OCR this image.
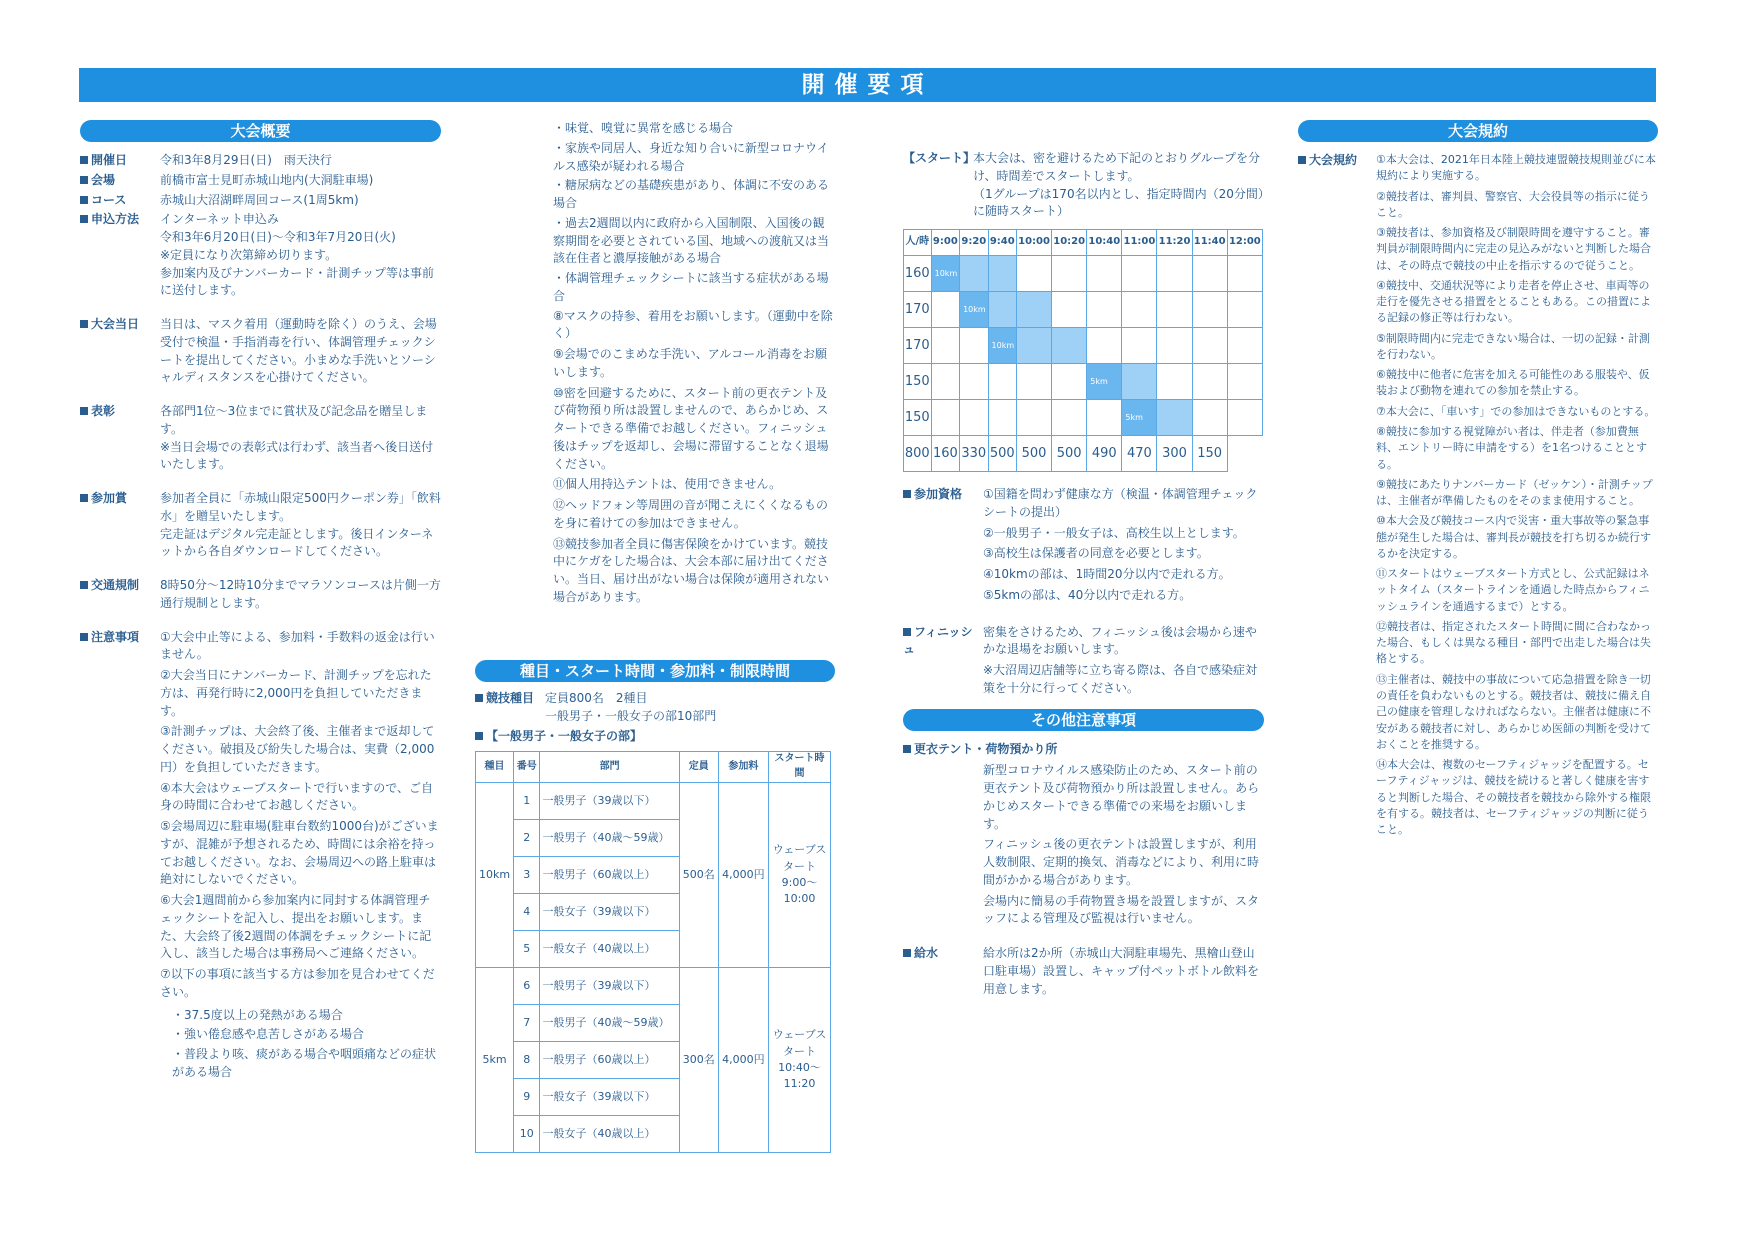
開催要項
大会概要
開催日	令和3年8月29日(日)　雨天決行
会場	前橋市富士見町赤城山地内(大洞駐車場)
コース	赤城山大沼湖畔周回コース(1周5km)
申込方法	インターネット申込み
令和3年6月20日(日)〜令和3年7月20日(火)
※定員になり次第締め切ります。
参加案内及びナンバーカード・計測チップ等は事前に送付します。
大会当日	当日は、マスク着用（運動時を除く）のうえ、会場受付で検温・手指消毒を行い、体調管理チェックシートを提出してください。小まめな手洗いとソーシャルディスタンスを心掛けてください。
表彰	各部門1位〜3位までに賞状及び記念品を贈呈します。
※当日会場での表彰式は行わず、該当者へ後日送付いたします。
参加賞	参加者全員に「赤城山限定500円クーポン券」「飲料水」を贈呈いたします。
完走証はデジタル完走証とします。後日インターネットから各自ダウンロードしてください。
交通規制	8時50分〜12時10分までマラソンコースは片側一方通行規制とします。
注意事項	①大会中止等による、参加料・手数料の返金は行いません。
②大会当日にナンバーカード、計測チップを忘れた方は、再発行時に2,000円を負担していただきます。
③計測チップは、大会終了後、主催者まで返却してください。破損及び紛失した場合は、実費（2,000円）を負担していただきます。
④本大会はウェーブスタートで行いますので、ご自身の時間に合わせてお越しください。
⑤会場周辺に駐車場(駐車台数約1000台)がございますが、混雑が予想されるため、時間には余裕を持ってお越しください。なお、会場周辺への路上駐車は絶対にしないでください。
⑥大会1週間前から参加案内に同封する体調管理チェックシートを記入し、提出をお願いします。また、大会終了後2週間の体調をチェックシートに記入し、該当した場合は事務局へご連絡ください。
⑦以下の事項に該当する方は参加を見合わせてください。
・37.5度以上の発熱がある場合
・強い倦怠感や息苦しさがある場合
・普段より咳、痰がある場合や咽頭痛などの症状がある場合
・味覚、嗅覚に異常を感じる場合
・家族や同居人、身近な知り合いに新型コロナウイルス感染が疑われる場合
・糖尿病などの基礎疾患があり、体調に不安のある場合
・過去2週間以内に政府から入国制限、入国後の観察期間を必要とされている国、地域への渡航又は当該在住者と濃厚接触がある場合
・体調管理チェックシートに該当する症状がある場合
⑧マスクの持参、着用をお願いします。（運動中を除く）
⑨会場でのこまめな手洗い、アルコール消毒をお願いします。
⑩密を回避するために、スタート前の更衣テント及び荷物預り所は設置しませんので、あらかじめ、スタートできる準備でお越しください。フィニッシュ後はチップを返却し、会場に滞留することなく退場ください。
⑪個人用持込テントは、使用できません。
⑫ヘッドフォン等周囲の音が聞こえにくくなるものを身に着けての参加はできません。
⑬競技参加者全員に傷害保険をかけています。競技中にケガをした場合は、大会本部に届け出てください。当日、届け出がない場合は保険が適用されない場合があります。
種目・スタート時間・参加料・制限時間
競技種目 定員800名　2種目
一般男子・一般女子の部10部門
【一般男子・一般女子の部】
種目	番号	部門	定員	参加料	スタート時間
10km	1	一般男子（39歳以下）	500名	4,000円	ウェーブスタート9:00〜10:00
	2	一般男子（40歳〜59歳）			
	3	一般男子（60歳以上）			
	4	一般女子（39歳以下）			
	5	一般女子（40歳以上）			
5km	6	一般男子（39歳以下）	300名	4,000円	ウェーブスタート10:40〜11:20
	7	一般男子（40歳〜59歳）			
	8	一般男子（60歳以上）			
	9	一般女子（39歳以下）			
	10	一般女子（40歳以上）			
【スタート】
本大会は、密を避けるため下記のとおりグループを分け、時間差でスタートします。
（1グループは170名以内とし、指定時間内（20分間）に随時スタート）
人/時	9:00	9:20	9:40	10:00	10:20	10:40	11:00	11:20	11:40	12:00
160	10km									
170		10km								
170			10km							
150						5km				
150							5km			
800	160	330	500	500	500	490	470	300	150	
参加資格	①国籍を問わず健康な方（検温・体調管理チェックシートの提出）
②一般男子・一般女子は、高校生以上とします。
③高校生は保護者の同意を必要とします。
④10kmの部は、1時間20分以内で走れる方。
⑤5kmの部は、40分以内で走れる方。
フィニッシュ
密集をさけるため、フィニッシュ後は会場から速やかな退場をお願いします。
※大沼周辺店舗等に立ち寄る際は、各自で感染症対策を十分に行ってください。
その他注意事項
更衣テント・荷物預かり所
新型コロナウイルス感染防止のため、スタート前の更衣テント及び荷物預かり所は設置しません。あらかじめスタートできる準備での来場をお願いします。
フィニッシュ後の更衣テントは設置しますが、利用人数制限、定期的換気、消毒などにより、利用に時間がかかる場合があります。
会場内に簡易の手荷物置き場を設置しますが、スタッフによる管理及び監視は行いません。
給水	給水所は2か所（赤城山大洞駐車場先、黒檜山登山口駐車場）設置し、キャップ付ペットボトル飲料を用意します。
大会規約
大会規約	①本大会は、2021年日本陸上競技連盟競技規則並びに本規約により実施する。
②競技者は、審判員、警察官、大会役員等の指示に従うこと。
③競技者は、参加資格及び制限時間を遵守すること。審判員が制限時間内に完走の見込みがないと判断した場合は、その時点で競技の中止を指示するので従うこと。
④競技中、交通状況等により走者を停止させ、車両等の走行を優先させる措置をとることもある。この措置による記録の修正等は行わない。
⑤制限時間内に完走できない場合は、一切の記録・計測を行わない。
⑥競技中に他者に危害を加える可能性のある服装や、仮装および動物を連れての参加を禁止する。
⑦本大会に、「車いす」での参加はできないものとする。
⑧競技に参加する視覚障がい者は、伴走者（参加費無料、エントリー時に申請をする）を1名つけることとする。
⑨競技にあたりナンバーカード（ゼッケン）・計測チップは、主催者が準備したものをそのまま使用すること。
⑩本大会及び競技コース内で災害・重大事故等の緊急事態が発生した場合は、審判長が競技を打ち切るか続行するかを決定する。
⑪スタートはウェーブスタート方式とし、公式記録はネットタイム（スタートラインを通過した時点からフィニッシュラインを通過するまで）とする。
⑫競技者は、指定されたスタート時間に間に合わなかった場合、もしくは異なる種目・部門で出走した場合は失格とする。
⑬主催者は、競技中の事故について応急措置を除き一切の責任を負わないものとする。競技者は、競技に備え自己の健康を管理しなければならない。主催者は健康に不安がある競技者に対し、あらかじめ医師の判断を受けておくことを推奨する。
⑭本大会は、複数のセーフティジャッジを配置する。セーフティジャッジは、競技を続けると著しく健康を害すると判断した場合、その競技者を競技から除外する権限を有する。競技者は、セーフティジャッジの判断に従うこと。
